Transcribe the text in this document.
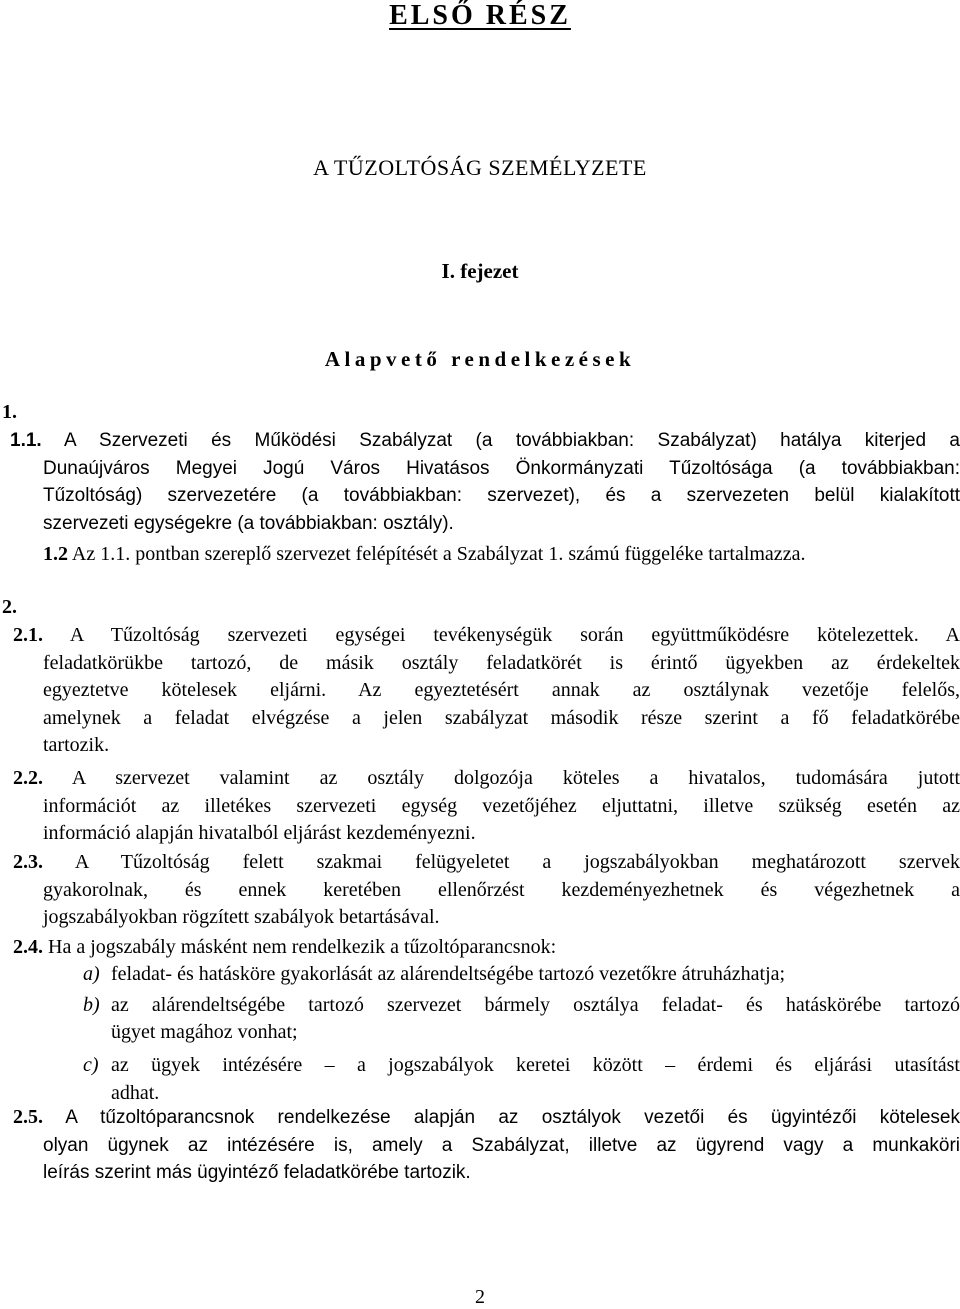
ELSŐ RÉSZ
A TŰZOLTÓSÁG SZEMÉLYZETE
I. fejezet
Alapvető rendelkezések
1.
1.1. A Szervezeti és Működési Szabályzat (a továbbiakban: Szabályzat) hatálya kiterjed a
Dunaújváros Megyei Jogú Város Hivatásos Önkormányzati Tűzoltósága (a továbbiakban:
Tűzoltóság) szervezetére (a továbbiakban: szervezet), és a szervezeten belül kialakított
szervezeti egységekre (a továbbiakban: osztály).
1.2 Az 1.1. pontban szereplő szervezet felépítését a Szabályzat 1. számú függeléke tartalmazza.
2.
2.1. A Tűzoltóság szervezeti egységei tevékenységük során együttműködésre kötelezettek. A
feladatkörükbe tartozó, de másik osztály feladatkörét is érintő ügyekben az érdekeltek
egyeztetve kötelesek eljárni. Az egyeztetésért annak az osztálynak vezetője felelős,
amelynek a feladat elvégzése a jelen szabályzat második része szerint a fő feladatkörébe
tartozik.
2.2. A szervezet valamint az osztály dolgozója köteles a hivatalos, tudomására jutott
információt az illetékes szervezeti egység vezetőjéhez eljuttatni, illetve szükség esetén az
információ alapján hivatalból eljárást kezdeményezni.
2.3. A Tűzoltóság felett szakmai felügyeletet a jogszabályokban meghatározott szervek
gyakorolnak, és ennek keretében ellenőrzést kezdeményezhetnek és végezhetnek a
jogszabályokban rögzített szabályok betartásával.
2.4. Ha a jogszabály másként nem rendelkezik a tűzoltóparancsnok:
a) feladat- és hatásköre gyakorlását az alárendeltségébe tartozó vezetőkre átruházhatja;
b) az alárendeltségébe tartozó szervezet bármely osztálya feladat- és hatáskörébe tartozó
ügyet magához vonhat;
c) az ügyek intézésére – a jogszabályok keretei között – érdemi és eljárási utasítást
adhat.
2.5. A tűzoltóparancsnok rendelkezése alapján az osztályok vezetői és ügyintézői kötelesek
olyan ügynek az intézésére is, amely a Szabályzat, illetve az ügyrend vagy a munkaköri
leírás szerint más ügyintéző feladatkörébe tartozik.
2
